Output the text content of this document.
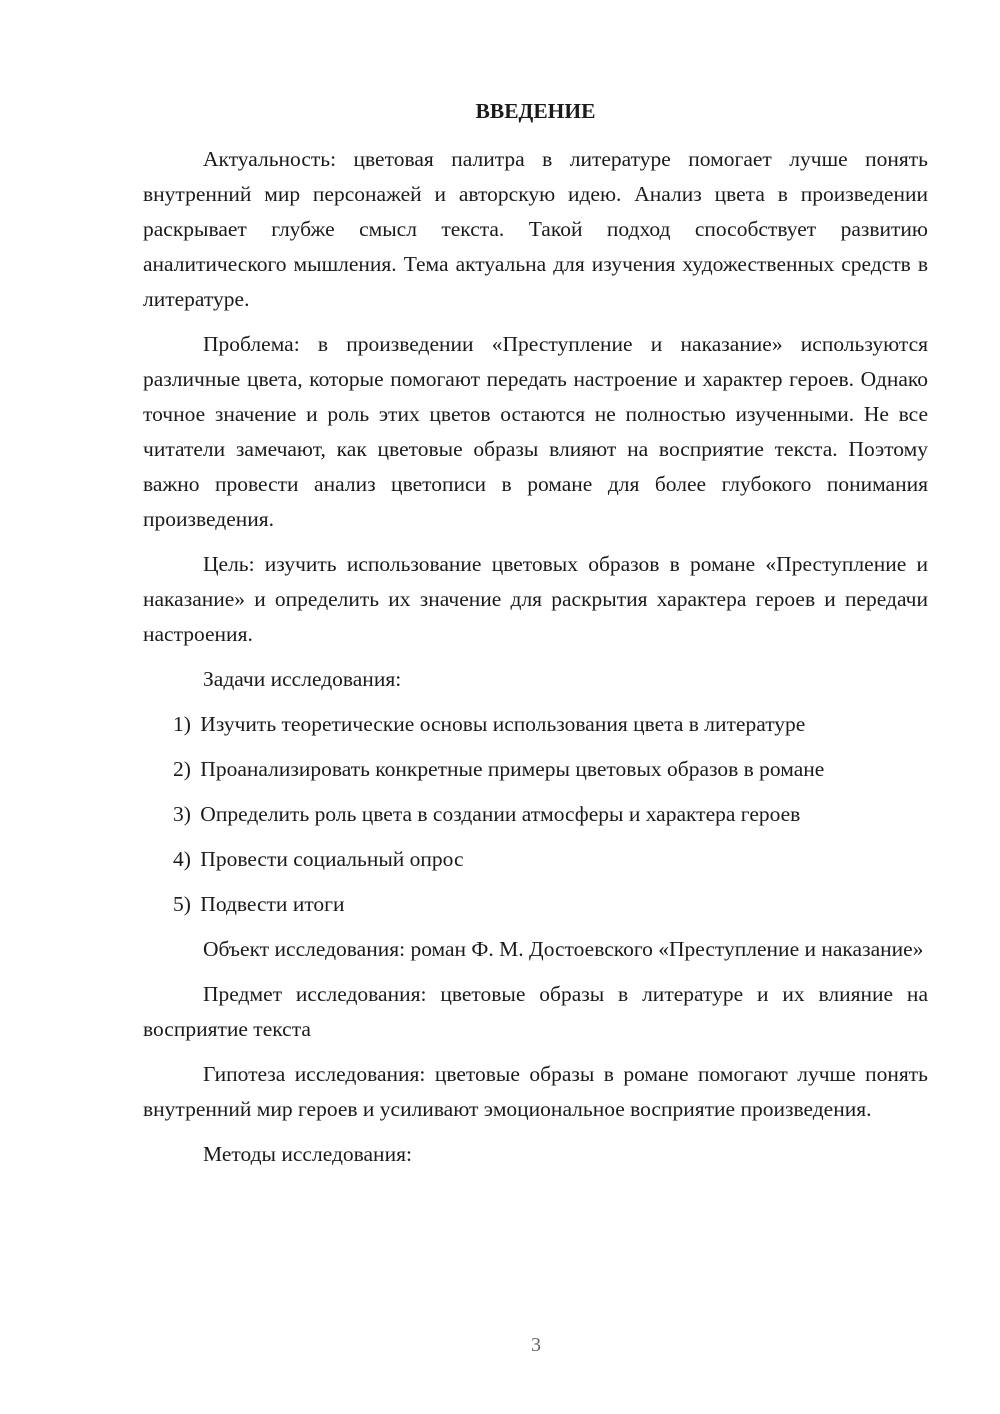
ВВЕДЕНИЕ

Актуальность: цветовая палитра в литературе помогает лучше понять внутренний мир персонажей и авторскую идею. Анализ цвета в произведении раскрывает глубже смысл текста. Такой подход способствует развитию аналитического мышления. Тема актуальна для изучения художественных средств в литературе.

Проблема: в произведении «Преступление и наказание» используются различные цвета, которые помогают передать настроение и характер героев. Однако точное значение и роль этих цветов остаются не полностью изученными. Не все читатели замечают, как цветовые образы влияют на восприятие текста. Поэтому важно провести анализ цветописи в романе для более глубокого понимания произведения.

Цель: изучить использование цветовых образов в романе «Преступление и наказание» и определить их значение для раскрытия характера героев и передачи настроения.

Задачи исследования:

1) Изучить теоретические основы использования цвета в литературе

2) Проанализировать конкретные примеры цветовых образов в романе

3) Определить роль цвета в создании атмосферы и характера героев

4) Провести социальный опрос

5) Подвести итоги

Объект исследования: роман Ф. М. Достоевского «Преступление и наказание»

Предмет исследования: цветовые образы в литературе и их влияние на восприятие текста

Гипотеза исследования: цветовые образы в романе помогают лучше понять внутренний мир героев и усиливают эмоциональное восприятие произведения.

Методы исследования:

3
